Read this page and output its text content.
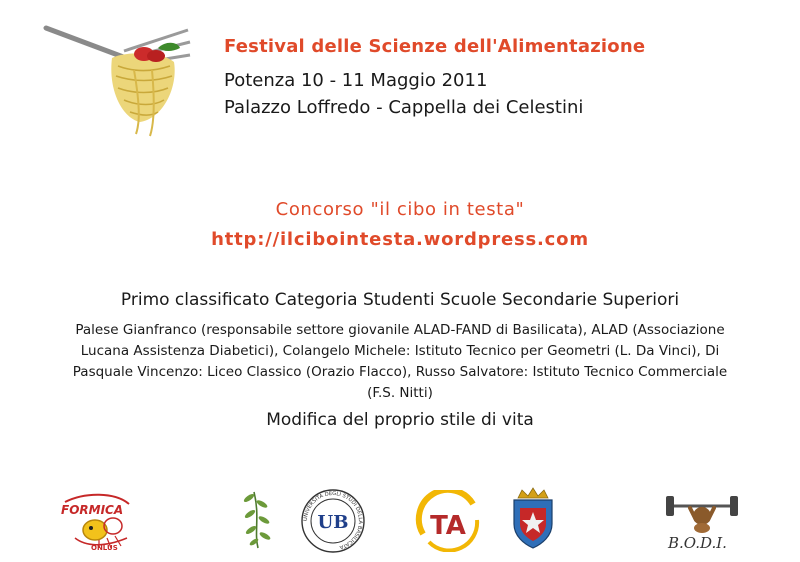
Festival delle Scienze dell'Alimentazione
Potenza 10 - 11 Maggio 2011
Palazzo Loffredo - Cappella dei Celestini
Concorso "il cibo in testa"
http://ilcibointesta.wordpress.com
Primo classificato Categoria Studenti Scuole Secondarie Superiori
Palese Gianfranco (responsabile settore giovanile ALAD-FAND di Basilicata), ALAD (Associazione Lucana Assistenza Diabetici), Colangelo Michele: Istituto Tecnico per Geometri (L. Da Vinci), Di Pasquale Vincenzo: Liceo Classico (Orazio Flacco), Russo Salvatore: Istituto Tecnico Commerciale (F.S. Nitti)
Modifica del proprio stile di vita
FORMICA
ONLUS
UNIVERSITÀ DEGLI STUDI DELLA BASILICATA
UB	TA
B.O.D.I.
